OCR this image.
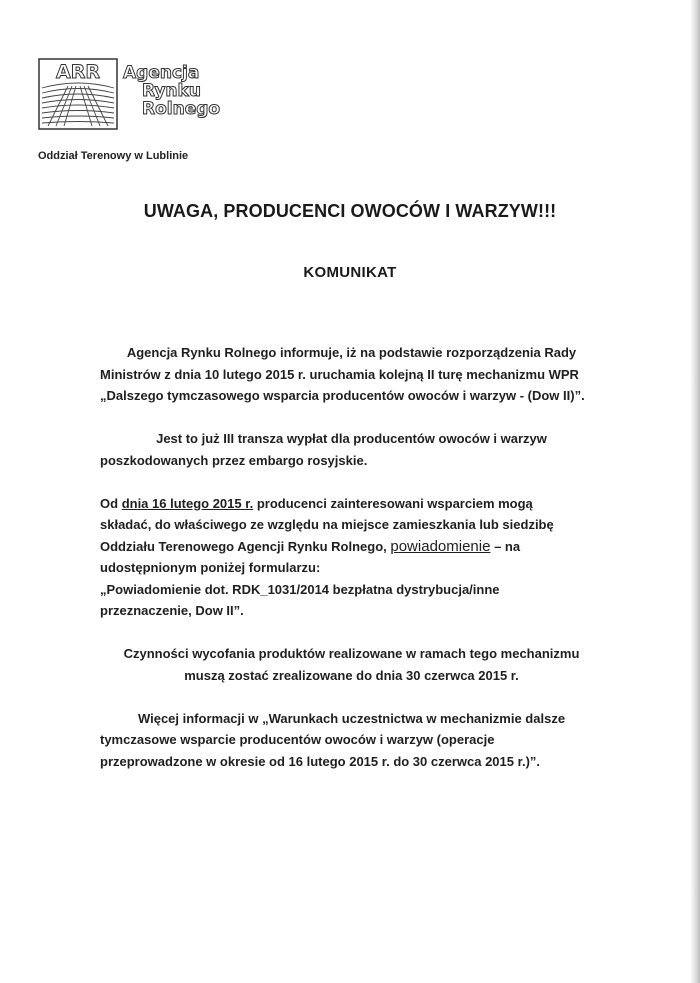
ARR Agencja
Rynku
Rolnego
Oddział Terenowy w Lublinie
UWAGA, PRODUCENCI OWOCÓW I WARZYW!!!
KOMUNIKAT

Agencja Rynku Rolnego informuje, iż na podstawie rozporządzenia Rady

Ministrów z dnia 10 lutego 2015 r. uruchamia kolejną II turę mechanizmu WPR

„Dalszego tymczasowego wsparcia producentów owoców i warzyw - (Dow II)”.

Jest to już III transza wypłat dla producentów owoców i warzyw

poszkodowanych przez embargo rosyjskie.

Od dnia 16 lutego 2015 r. producenci zainteresowani wsparciem mogą

składać, do właściwego ze względu na miejsce zamieszkania lub siedzibę

Oddziału Terenowego Agencji Rynku Rolnego, powiadomienie – na

udostępnionym poniżej formularzu:

„Powiadomienie dot. RDK_1031/2014 bezpłatna dystrybucja/inne

przeznaczenie, Dow II”.

Czynności wycofania produktów realizowane w ramach tego mechanizmu

muszą zostać zrealizowane do dnia 30 czerwca 2015 r.

Więcej informacji w „Warunkach uczestnictwa w mechanizmie dalsze

tymczasowe wsparcie producentów owoców i warzyw (operacje

przeprowadzone w okresie od 16 lutego 2015 r. do 30 czerwca 2015 r.)”.
